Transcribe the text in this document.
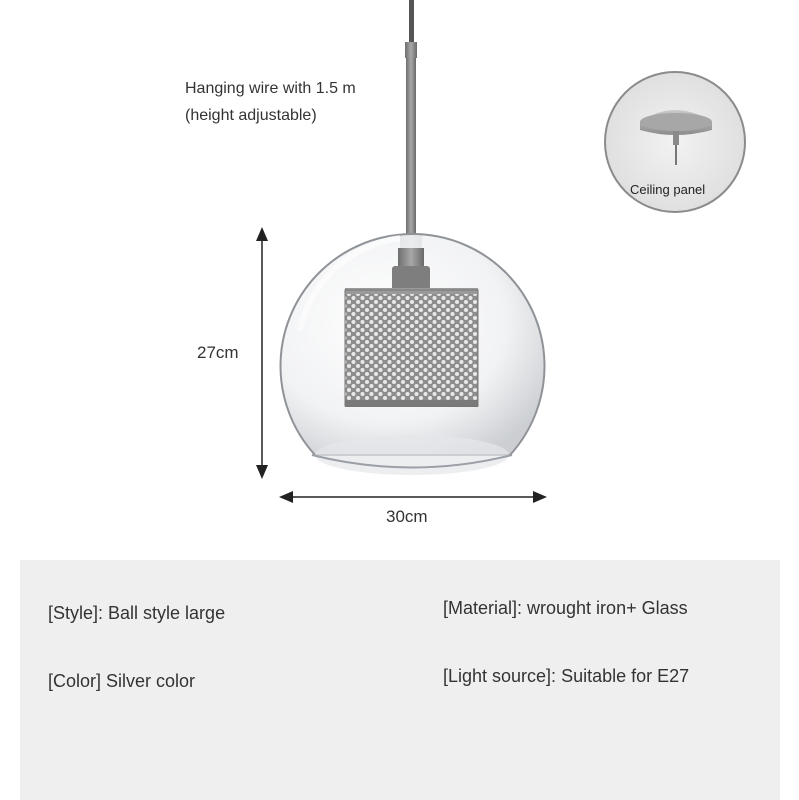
Hanging wire with 1.5 m
(height adjustable)
27cm
30cm
Ceiling panel
[Style]: Ball style large	[Material]: wrought iron+ Glass
[Color] Silver color	[Light source]: Suitable for E27
